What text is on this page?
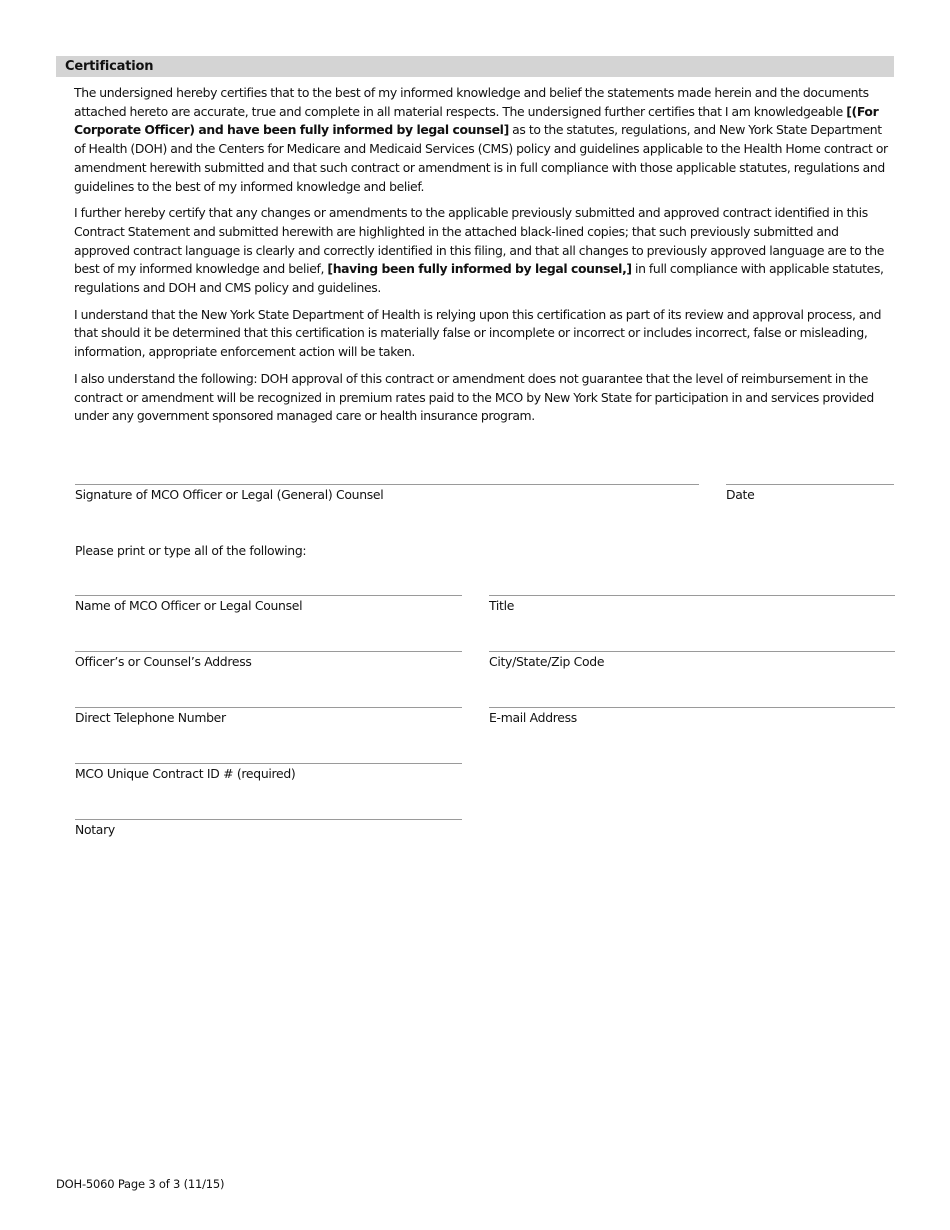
Certification

The undersigned hereby certifies that to the best of my informed knowledge and belief the statements made herein and the documents attached hereto are accurate, true and complete in all material respects. The undersigned further certifies that I am knowledgeable [(For Corporate Officer) and have been fully informed by legal counsel] as to the statutes, regulations, and New York State Department of Health (DOH) and the Centers for Medicare and Medicaid Services (CMS) policy and guidelines applicable to the Health Home contract or amendment herewith submitted and that such contract or amendment is in full compliance with those applicable statutes, regulations and guidelines to the best of my informed knowledge and belief.

I further hereby certify that any changes or amendments to the applicable previously submitted and approved contract identified in this Contract Statement and submitted herewith are highlighted in the attached black-lined copies; that such previously submitted and approved contract language is clearly and correctly identified in this filing, and that all changes to previously approved language are to the best of my informed knowledge and belief, [having been fully informed by legal counsel,] in full compliance with applicable statutes, regulations and DOH and CMS policy and guidelines.

I understand that the New York State Department of Health is relying upon this certification as part of its review and approval process, and that should it be determined that this certification is materially false or incomplete or incorrect or includes incorrect, false or misleading, information, appropriate enforcement action will be taken.

I also understand the following: DOH approval of this contract or amendment does not guarantee that the level of reimbursement in the contract or amendment will be recognized in premium rates paid to the MCO by New York State for participation in and services provided under any government sponsored managed care or health insurance program.

Signature of MCO Officer or Legal (General) Counsel	Date
Please print or type all of the following:
Name of MCO Officer or Legal Counsel	Title
Officer’s or Counsel’s Address	City/State/Zip Code
Direct Telephone Number	E-mail Address
MCO Unique Contract ID # (required)
Notary
DOH-5060 Page 3 of 3 (11/15)
